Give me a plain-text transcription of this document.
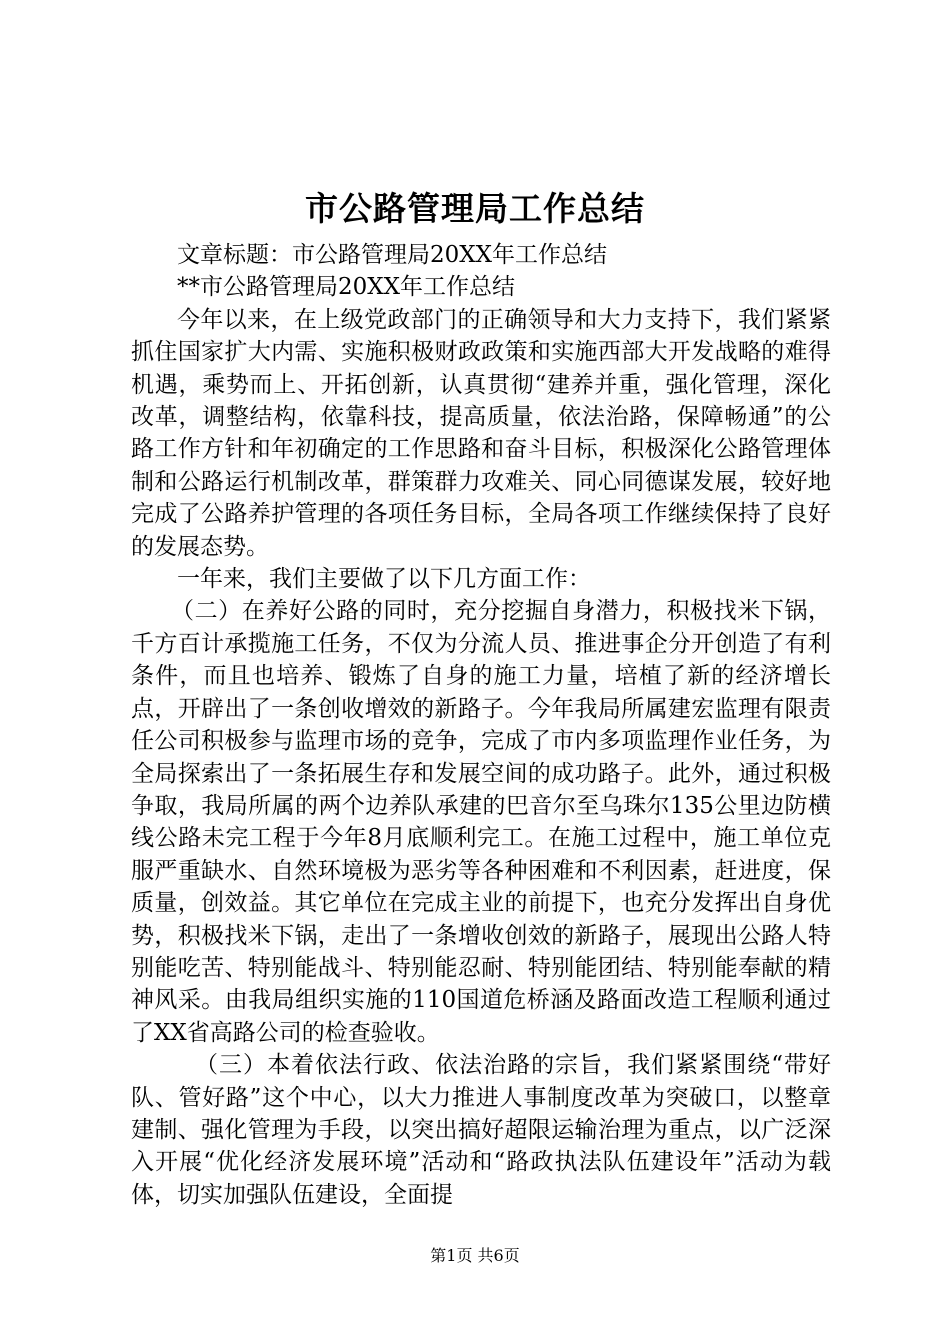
市公路管理局工作总结

文章标题：市公路管理局20XX年工作总结

**市公路管理局20XX年工作总结

今年以来，在上级党政部门的正确领导和大力支持下，我们紧紧抓住国家扩大内需、实施积极财政政策和实施西部大开发战略的难得机遇，乘势而上、开拓创新，认真贯彻“建养并重，强化管理，深化改革，调整结构，依靠科技，提高质量，依法治路，保障畅通”的公路工作方针和年初确定的工作思路和奋斗目标，积极深化公路管理体制和公路运行机制改革，群策群力攻难关、同心同德谋发展，较好地完成了公路养护管理的各项任务目标，全局各项工作继续保持了良好的发展态势。

一年来，我们主要做了以下几方面工作：

（二）在养好公路的同时，充分挖掘自身潜力，积极找米下锅，千方百计承揽施工任务，不仅为分流人员、推进事企分开创造了有利条件，而且也培养、锻炼了自身的施工力量，培植了新的经济增长点，开辟出了一条创收增效的新路子。今年我局所属建宏监理有限责任公司积极参与监理市场的竞争，完成了市内多项监理作业任务，为全局探索出了一条拓展生存和发展空间的成功路子。此外，通过积极争取，我局所属的两个边养队承建的巴音尔至乌珠尔135公里边防横线公路未完工程于今年8月底顺利完工。在施工过程中，施工单位克服严重缺水、自然环境极为恶劣等各种困难和不利因素，赶进度，保质量，创效益。其它单位在完成主业的前提下，也充分发挥出自身优势，积极找米下锅，走出了一条增收创效的新路子，展现出公路人特别能吃苦、特别能战斗、特别能忍耐、特别能团结、特别能奉献的精神风采。由我局组织实施的110国道危桥涵及路面改造工程顺利通过了XX省高路公司的检查验收。

（三）本着依法行政、依法治路的宗旨，我们紧紧围绕“带好队、管好路”这个中心，以大力推进人事制度改革为突破口，以整章建制、强化管理为手段，以突出搞好超限运输治理为重点，以广泛深入开展“优化经济发展环境”活动和“路政执法队伍建设年”活动为载体，切实加强队伍建设，全面提

第1页 共6页
